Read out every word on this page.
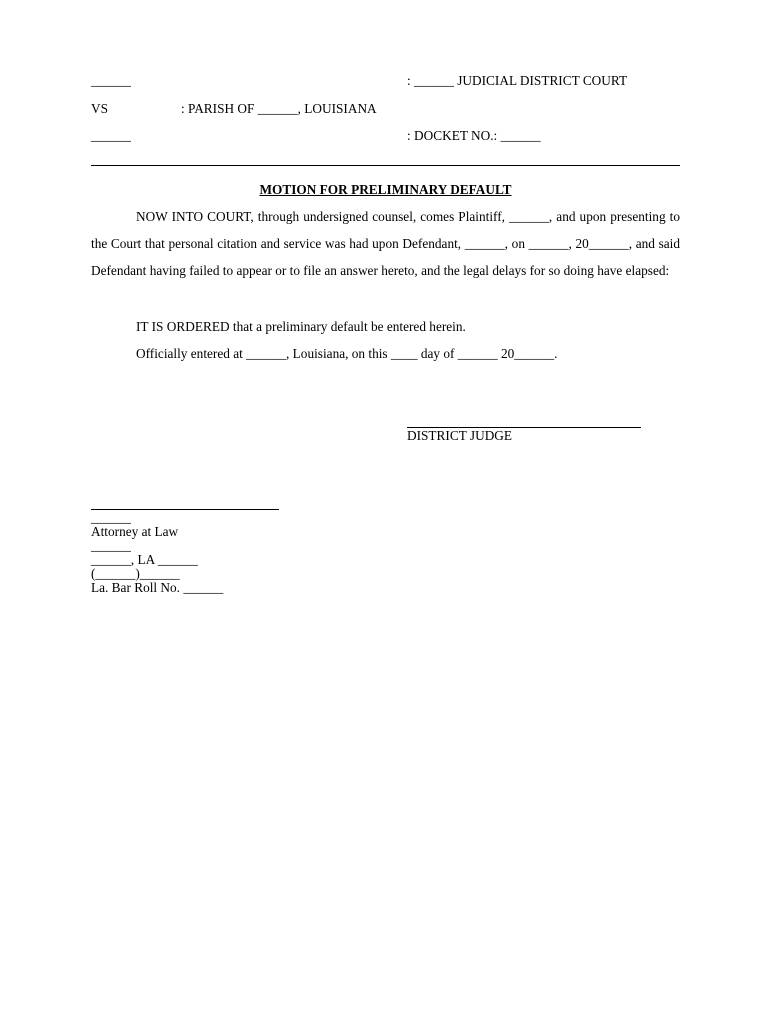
______	: ______ JUDICIAL DISTRICT COURT
VS	: PARISH OF ______, LOUISIANA
______	: DOCKET NO.: ______
MOTION FOR PRELIMINARY DEFAULT
NOW INTO COURT, through undersigned counsel, comes Plaintiff, ______, and upon presenting to the Court that personal citation and service was had upon Defendant, ______, on ______, 20______, and said Defendant having failed to appear or to file an answer hereto, and the legal delays for so doing have elapsed:
IT IS ORDERED that a preliminary default be entered herein.
Officially entered at ______, Louisiana, on this ____ day of ______ 20______.
DISTRICT JUDGE
______
Attorney at Law
______
______, LA ______
(______)______
La. Bar Roll No. ______
